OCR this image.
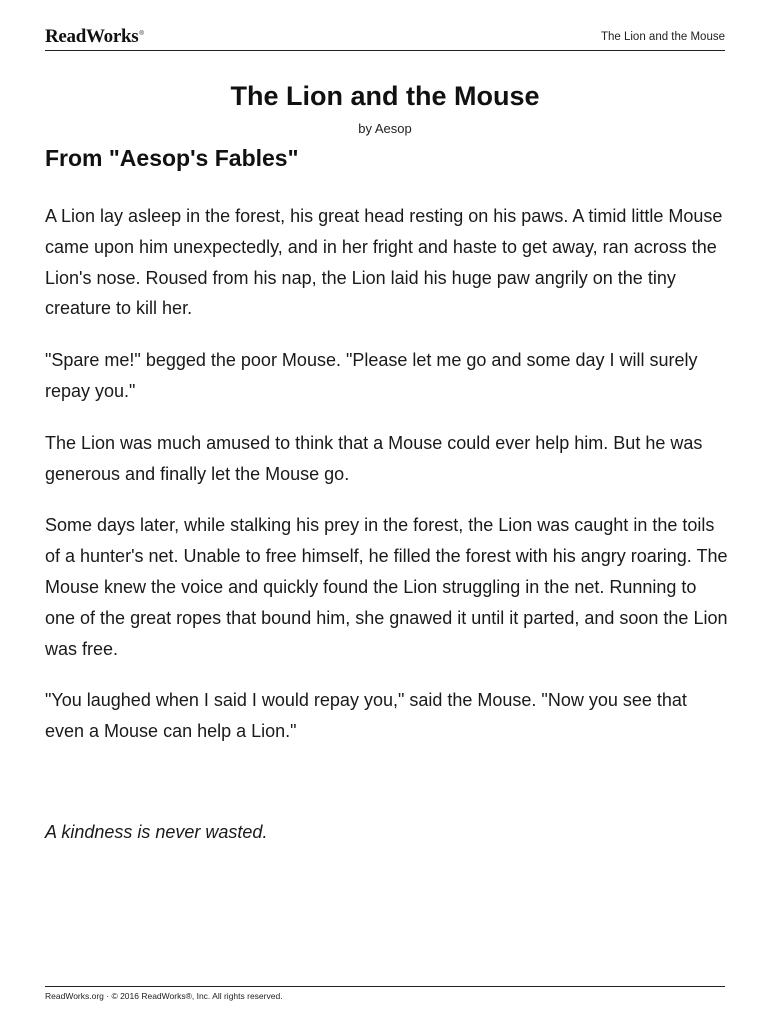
ReadWorks®	The Lion and the Mouse
The Lion and the Mouse
by Aesop
From "Aesop's Fables"

A Lion lay asleep in the forest, his great head resting on his paws. A timid little Mouse came upon him unexpectedly, and in her fright and haste to get away, ran across the Lion's nose. Roused from his nap, the Lion laid his huge paw angrily on the tiny creature to kill her.

"Spare me!" begged the poor Mouse. "Please let me go and some day I will surely repay you."

The Lion was much amused to think that a Mouse could ever help him. But he was generous and finally let the Mouse go.

Some days later, while stalking his prey in the forest, the Lion was caught in the toils of a hunter's net. Unable to free himself, he filled the forest with his angry roaring. The Mouse knew the voice and quickly found the Lion struggling in the net. Running to one of the great ropes that bound him, she gnawed it until it parted, and soon the Lion was free.

"You laughed when I said I would repay you," said the Mouse. "Now you see that even a Mouse can help a Lion."

A kindness is never wasted.

ReadWorks.org · © 2016 ReadWorks®, Inc. All rights reserved.
